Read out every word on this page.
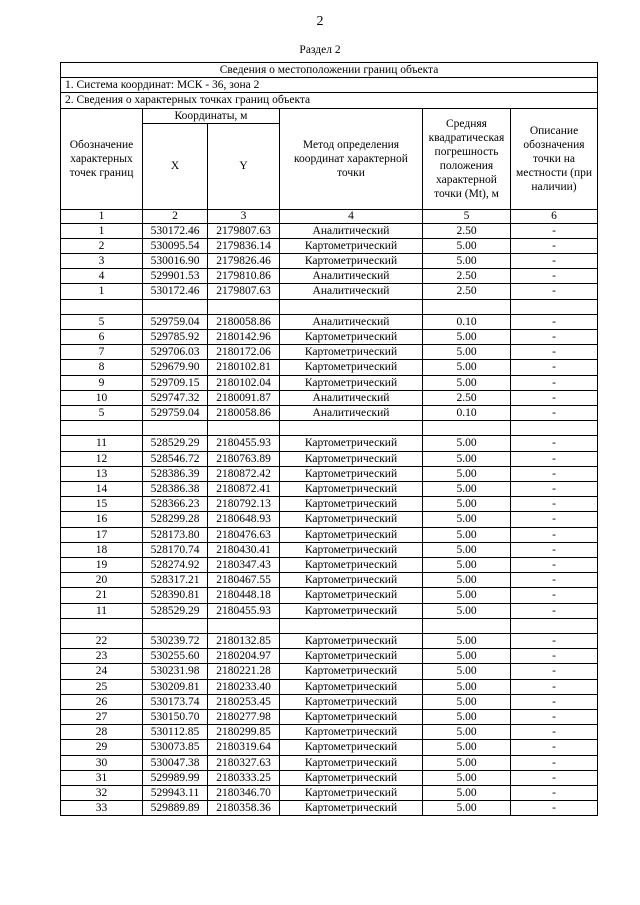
2
Раздел 2
Сведения о местоположении границ объекта					
1. Система координат: МСК - 36, зона 2					
2. Сведения о характерных точках границ объекта					
Обозначение характерных точек границ	Координаты, м		Метод определения координат характерной точки	Средняя квадратическая погрешность положения характерной точки (Mt), м	Описание обозначения точки на местности (при наличии)
	X	Y			
1	2	3	4	5	6
1	530172.46	2179807.63	Аналитический	2.50	-
2	530095.54	2179836.14	Картометрический	5.00	-
3	530016.90	2179826.46	Картометрический	5.00	-
4	529901.53	2179810.86	Аналитический	2.50	-
1	530172.46	2179807.63	Аналитический	2.50	-

5	529759.04	2180058.86	Аналитический	0.10	-
6	529785.92	2180142.96	Картометрический	5.00	-
7	529706.03	2180172.06	Картометрический	5.00	-
8	529679.90	2180102.81	Картометрический	5.00	-
9	529709.15	2180102.04	Картометрический	5.00	-
10	529747.32	2180091.87	Аналитический	2.50	-
5	529759.04	2180058.86	Аналитический	0.10	-

11	528529.29	2180455.93	Картометрический	5.00	-
12	528546.72	2180763.89	Картометрический	5.00	-
13	528386.39	2180872.42	Картометрический	5.00	-
14	528386.38	2180872.41	Картометрический	5.00	-
15	528366.23	2180792.13	Картометрический	5.00	-
16	528299.28	2180648.93	Картометрический	5.00	-
17	528173.80	2180476.63	Картометрический	5.00	-
18	528170.74	2180430.41	Картометрический	5.00	-
19	528274.92	2180347.43	Картометрический	5.00	-
20	528317.21	2180467.55	Картометрический	5.00	-
21	528390.81	2180448.18	Картометрический	5.00	-
11	528529.29	2180455.93	Картометрический	5.00	-

22	530239.72	2180132.85	Картометрический	5.00	-
23	530255.60	2180204.97	Картометрический	5.00	-
24	530231.98	2180221.28	Картометрический	5.00	-
25	530209.81	2180233.40	Картометрический	5.00	-
26	530173.74	2180253.45	Картометрический	5.00	-
27	530150.70	2180277.98	Картометрический	5.00	-
28	530112.85	2180299.85	Картометрический	5.00	-
29	530073.85	2180319.64	Картометрический	5.00	-
30	530047.38	2180327.63	Картометрический	5.00	-
31	529989.99	2180333.25	Картометрический	5.00	-
32	529943.11	2180346.70	Картометрический	5.00	-
33	529889.89	2180358.36	Картометрический	5.00	-
